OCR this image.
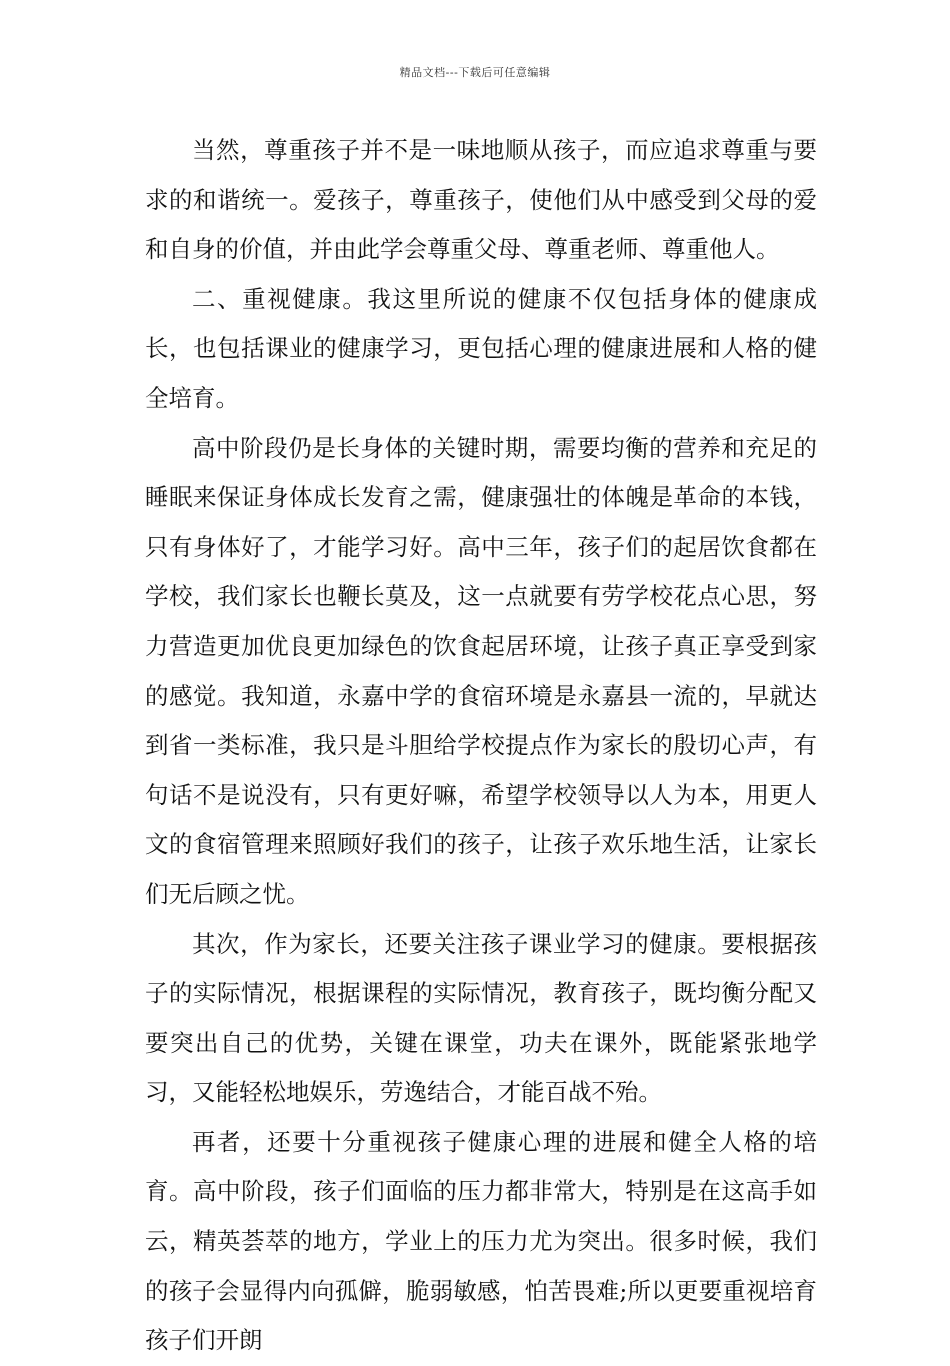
精品文档---下载后可任意编辑

当然，尊重孩子并不是一味地顺从孩子，而应追求尊重与要求的和谐统一。爱孩子，尊重孩子，使他们从中感受到父母的爱和自身的价值，并由此学会尊重父母、尊重老师、尊重他人。

二、重视健康。我这里所说的健康不仅包括身体的健康成长，也包括课业的健康学习，更包括心理的健康进展和人格的健全培育。

高中阶段仍是长身体的关键时期，需要均衡的营养和充足的睡眠来保证身体成长发育之需，健康强壮的体魄是革命的本钱，只有身体好了，才能学习好。高中三年，孩子们的起居饮食都在学校，我们家长也鞭长莫及，这一点就要有劳学校花点心思，努力营造更加优良更加绿色的饮食起居环境，让孩子真正享受到家的感觉。我知道，永嘉中学的食宿环境是永嘉县一流的，早就达到省一类标准，我只是斗胆给学校提点作为家长的殷切心声，有句话不是说没有，只有更好嘛，希望学校领导以人为本，用更人文的食宿管理来照顾好我们的孩子，让孩子欢乐地生活，让家长们无后顾之忧。

其次，作为家长，还要关注孩子课业学习的健康。要根据孩子的实际情况，根据课程的实际情况，教育孩子，既均衡分配又要突出自己的优势，关键在课堂，功夫在课外，既能紧张地学习，又能轻松地娱乐，劳逸结合，才能百战不殆。

再者，还要十分重视孩子健康心理的进展和健全人格的培育。高中阶段，孩子们面临的压力都非常大，特别是在这高手如云，精英荟萃的地方，学业上的压力尤为突出。很多时候，我们的孩子会显得内向孤僻，脆弱敏感，怕苦畏难;所以更要重视培育孩子们开朗
